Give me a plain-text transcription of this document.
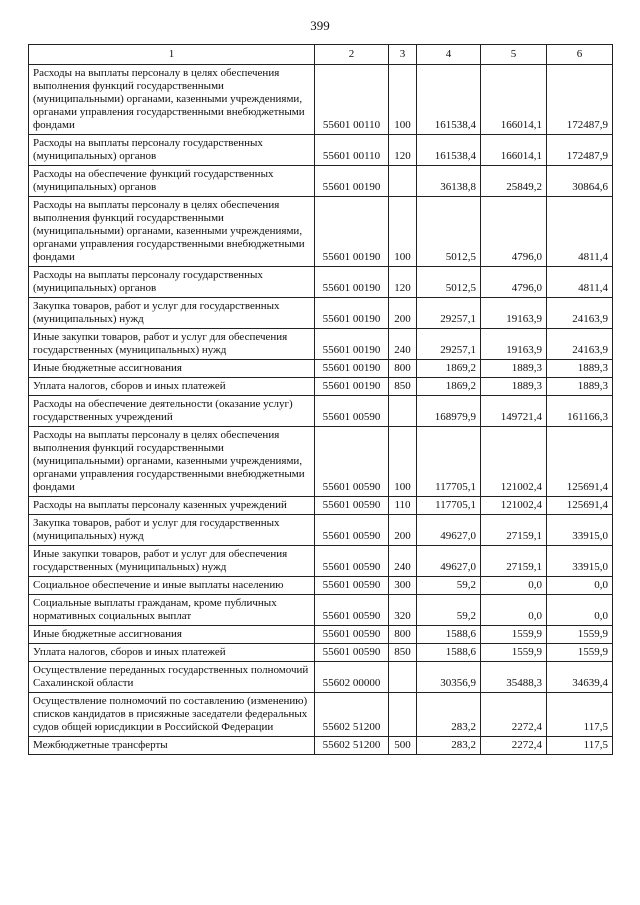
399
1	2	3	4	5	6
Расходы на выплаты персоналу в целях обеспечения выполнения функций государственными (муниципальными) органами, казенными учреждениями, органами управления государственными внебюджетными фондами	55601 00110	100	161538,4	166014,1	172487,9
Расходы на выплаты персоналу государственных (муниципальных) органов	55601 00110	120	161538,4	166014,1	172487,9
Расходы на обеспечение функций государственных (муниципальных) органов	55601 00190		36138,8	25849,2	30864,6
Расходы на выплаты персоналу в целях обеспечения выполнения функций государственными (муниципальными) органами, казенными учреждениями, органами управления государственными внебюджетными фондами	55601 00190	100	5012,5	4796,0	4811,4
Расходы на выплаты персоналу государственных (муниципальных) органов	55601 00190	120	5012,5	4796,0	4811,4
Закупка товаров, работ и услуг для государственных (муниципальных) нужд	55601 00190	200	29257,1	19163,9	24163,9
Иные закупки товаров, работ и услуг для обеспечения государственных (муниципальных) нужд	55601 00190	240	29257,1	19163,9	24163,9
Иные бюджетные ассигнования	55601 00190	800	1869,2	1889,3	1889,3
Уплата налогов, сборов и иных платежей	55601 00190	850	1869,2	1889,3	1889,3
Расходы на обеспечение деятельности (оказание услуг) государственных учреждений	55601 00590		168979,9	149721,4	161166,3
Расходы на выплаты персоналу в целях обеспечения выполнения функций государственными (муниципальными) органами, казенными учреждениями, органами управления государственными внебюджетными фондами	55601 00590	100	117705,1	121002,4	125691,4
Расходы на выплаты персоналу казенных учреждений	55601 00590	110	117705,1	121002,4	125691,4
Закупка товаров, работ и услуг для государственных (муниципальных) нужд	55601 00590	200	49627,0	27159,1	33915,0
Иные закупки товаров, работ и услуг для обеспечения государственных (муниципальных) нужд	55601 00590	240	49627,0	27159,1	33915,0
Социальное обеспечение и иные выплаты населению	55601 00590	300	59,2	0,0	0,0
Социальные выплаты гражданам, кроме публичных нормативных социальных выплат	55601 00590	320	59,2	0,0	0,0
Иные бюджетные ассигнования	55601 00590	800	1588,6	1559,9	1559,9
Уплата налогов, сборов и иных платежей	55601 00590	850	1588,6	1559,9	1559,9
Осуществление переданных государственных полномочий Сахалинской области	55602 00000		30356,9	35488,3	34639,4
Осуществление полномочий по составлению (изменению) списков кандидатов в присяжные заседатели федеральных судов общей юрисдикции в Российской Федерации	55602 51200		283,2	2272,4	117,5
Межбюджетные трансферты	55602 51200	500	283,2	2272,4	117,5
